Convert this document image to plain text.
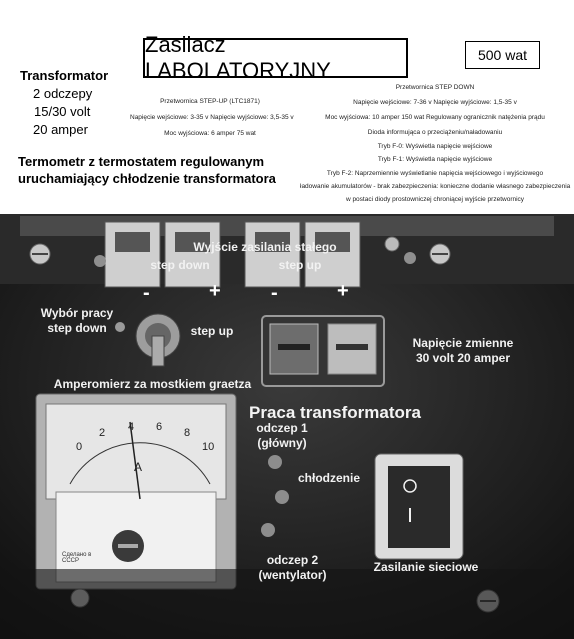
Zasilacz LABOLATORYJNY
500 wat
Transformator
2 odczepy
15/30 volt
20 amper
Termometr z termostatem regulowanym
uruchamiający chłodzenie transformatora
Przetwornica STEP-UP (LTC1871)
Napięcie wejściowe: 3-35 v Napięcie wyjściowe: 3,5-35 v
Moc wyjściowa: 6 amper 75 wat
Przetwornica STEP DOWN
Napięcie wejściowe: 7-36 v Napięcie wyjściowe: 1,5-35 v
Moc wyjściowa: 10 amper 150 wat Regulowany ogranicznik natężenia prądu
Dioda informująca o przeciążeniu/naładowaniu
Tryb F-0: Wyświetla napięcie wejściowe
Tryb F-1: Wyświetla napięcie wyjściowe
Tryb F-2: Naprzemiennie wyświetlanie napięcia wejściowego i wyjściowego
ładowanie akumulatorów - brak zabezpieczenia: konieczne dodanie własnego zabezpieczenia
w postaci diody prostowniczej chroniącej wyjście przetwornicy
Wyjście zasilania stałego
step down	step up
-	+	-	+
Wybór pracy
step down	step up
Napięcie zmienne
30 volt 20 amper
Amperomierz za mostkiem graetza
Praca transformatora
odczep 1
(główny)
chłodzenie
odczep 2
(wentylator)
Zasilanie sieciowe
0
2 4 6 8
10
A
Сделано в СССР
